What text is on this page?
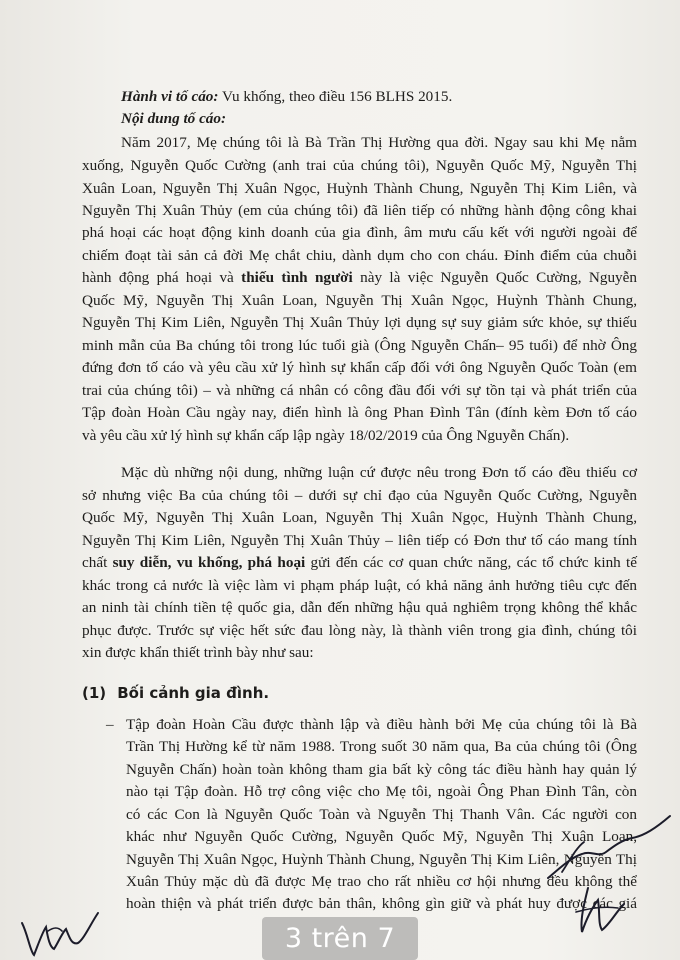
Hành vi tố cáo: Vu khống, theo điều 156 BLHS 2015.
Nội dung tố cáo:
Năm 2017, Mẹ chúng tôi là Bà Trần Thị Hường qua đời. Ngay sau khi Mẹ nằm
xuống, Nguyễn Quốc Cường (anh trai của chúng tôi), Nguyễn Quốc Mỹ, Nguyễn Thị
Xuân Loan, Nguyễn Thị Xuân Ngọc, Huỳnh Thành Chung, Nguyễn Thị Kim Liên, và
Nguyễn Thị Xuân Thủy (em của chúng tôi) đã liên tiếp có những hành động công khai
phá hoại các hoạt động kinh doanh của gia đình, âm mưu cấu kết với người ngoài để
chiếm đoạt tài sản cả đời Mẹ chắt chiu, dành dụm cho con cháu. Đỉnh điểm của chuỗi
hành động phá hoại và thiếu tình người này là việc Nguyễn Quốc Cường, Nguyễn
Quốc Mỹ, Nguyễn Thị Xuân Loan, Nguyễn Thị Xuân Ngọc, Huỳnh Thành Chung,
Nguyễn Thị Kim Liên, Nguyễn Thị Xuân Thủy lợi dụng sự suy giảm sức khỏe, sự thiếu
minh mẫn của Ba chúng tôi trong lúc tuổi già (Ông Nguyễn Chấn– 95 tuổi) để nhờ Ông
đứng đơn tố cáo và yêu cầu xử lý hình sự khẩn cấp đối với ông Nguyễn Quốc Toàn (em
trai của chúng tôi) – và những cá nhân có công đầu đối với sự tồn tại và phát triển của
Tập đoàn Hoàn Cầu ngày nay, điển hình là ông Phan Đình Tân (đính kèm Đơn tố cáo
và yêu cầu xử lý hình sự khẩn cấp lập ngày 18/02/2019 của Ông Nguyễn Chấn).
Mặc dù những nội dung, những luận cứ được nêu trong Đơn tố cáo đều thiếu cơ
sở nhưng việc Ba của chúng tôi – dưới sự chỉ đạo của Nguyễn Quốc Cường, Nguyễn
Quốc Mỹ, Nguyễn Thị Xuân Loan, Nguyễn Thị Xuân Ngọc, Huỳnh Thành Chung,
Nguyễn Thị Kim Liên, Nguyễn Thị Xuân Thủy – liên tiếp có Đơn thư tố cáo mang tính
chất suy diễn, vu khống, phá hoại gửi đến các cơ quan chức năng, các tổ chức kinh tế
khác trong cả nước là việc làm vi phạm pháp luật, có khả năng ảnh hưởng tiêu cực đến
an ninh tài chính tiền tệ quốc gia, dẫn đến những hậu quả nghiêm trọng không thể khắc
phục được. Trước sự việc hết sức đau lòng này, là thành viên trong gia đình, chúng tôi
xin được khẩn thiết trình bày như sau:
(1) Bối cảnh gia đình.
– Tập đoàn Hoàn Cầu được thành lập và điều hành bởi Mẹ của chúng tôi là Bà
Trần Thị Hường kể từ năm 1988. Trong suốt 30 năm qua, Ba của chúng tôi (Ông
Nguyễn Chấn) hoàn toàn không tham gia bất kỳ công tác điều hành hay quản lý
nào tại Tập đoàn. Hỗ trợ công việc cho Mẹ tôi, ngoài Ông Phan Đình Tân, còn
có các Con là Nguyễn Quốc Toàn và Nguyễn Thị Thanh Vân. Các người con
khác như Nguyễn Quốc Cường, Nguyễn Quốc Mỹ, Nguyễn Thị Xuân Loan,
Nguyễn Thị Xuân Ngọc, Huỳnh Thành Chung, Nguyễn Thị Kim Liên, Nguyễn Thị
Xuân Thủy mặc dù đã được Mẹ trao cho rất nhiều cơ hội nhưng đều không thể
hoàn thiện và phát triển được bản thân, không gìn giữ và phát huy được các giá
3 trên 7
